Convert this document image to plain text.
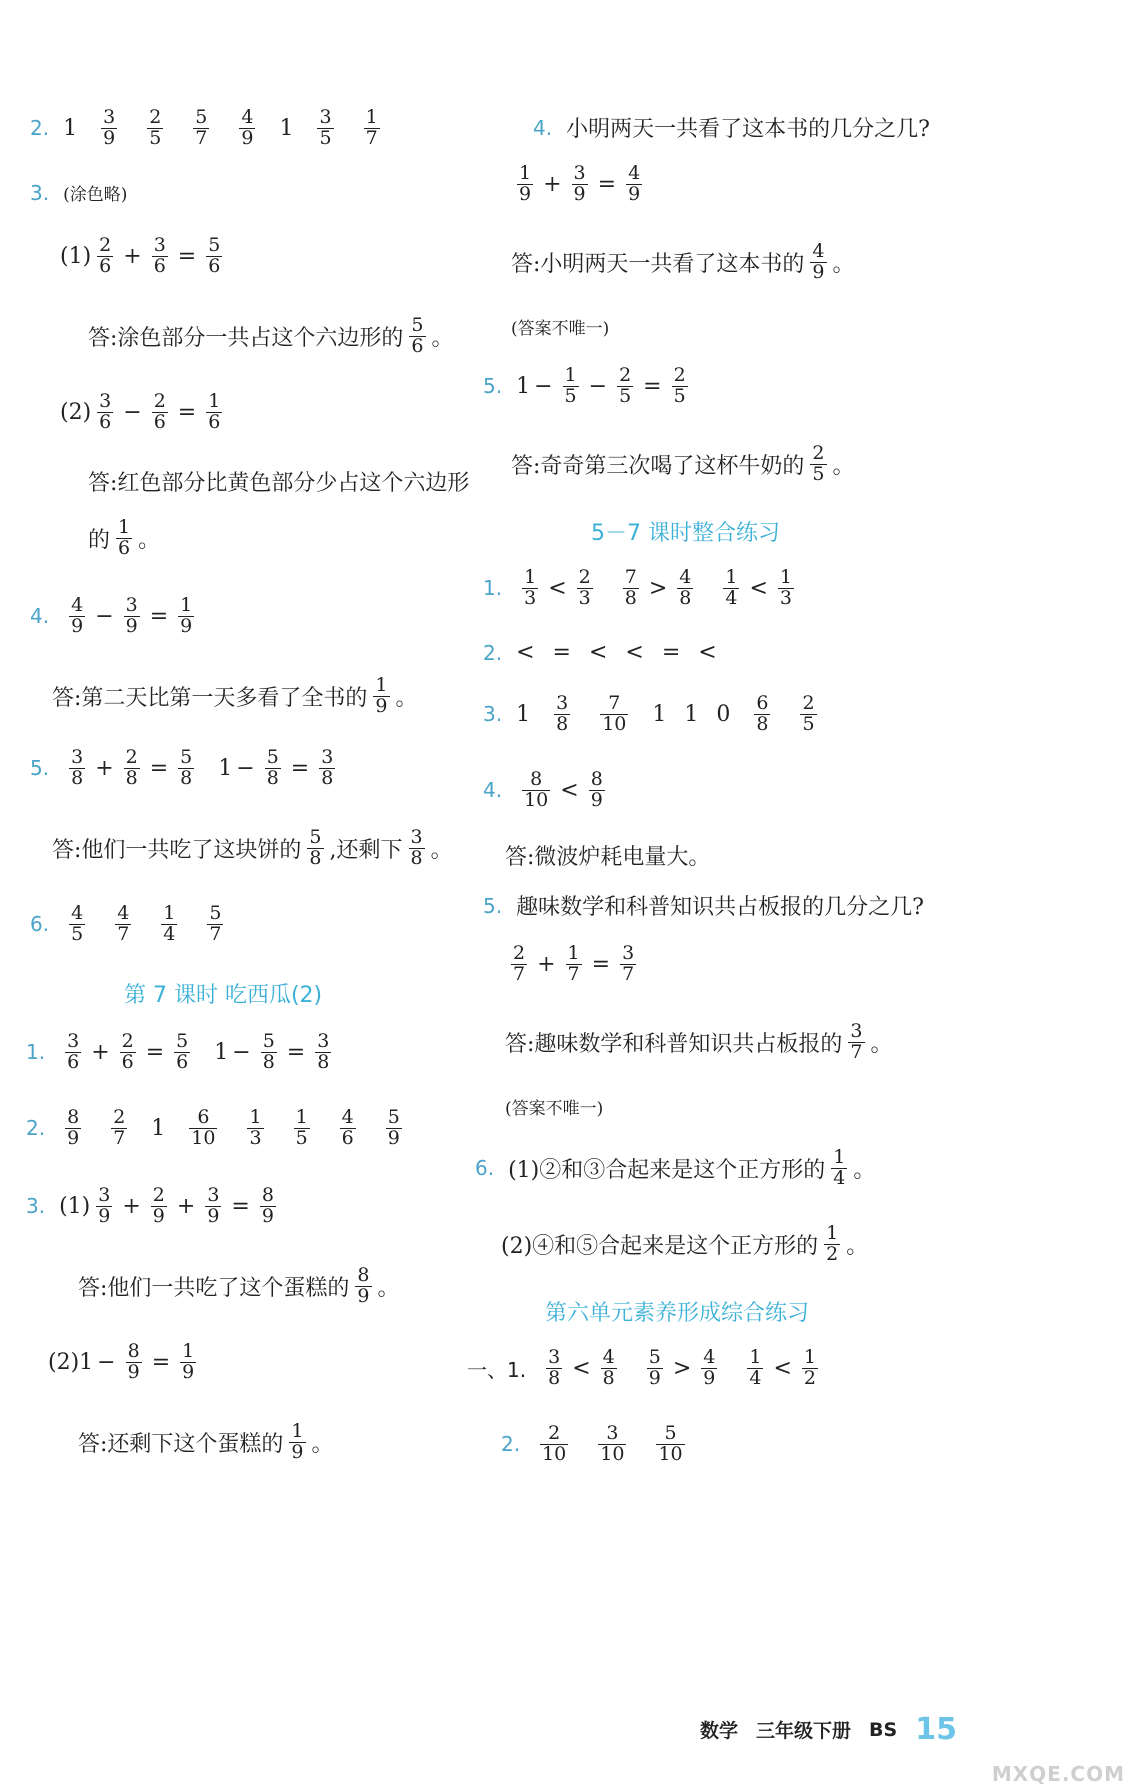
2. $1 \frac{3}{9} \frac{2}{5} \frac{5}{7} \frac{4}{9} 1 \frac{3}{5} \frac{1}{7}$
3. (涂色略)
$(1) \frac{2}{6} + \frac{3}{6} = \frac{5}{6}$
答:涂色部分一共占这个六边形的 $\frac{5}{6}$ 。
$(2) \frac{3}{6} - \frac{2}{6} = \frac{1}{6}$
答:红色部分比黄色部分少占这个六边形
的 $\frac{1}{6}$ 。
4. $\frac{4}{9} - \frac{3}{9} = \frac{1}{9}$
答:第二天比第一天多看了全书的 $\frac{1}{9}$ 。
5. $\frac{3}{8} + \frac{2}{8} = \frac{5}{8} 1 - \frac{5}{8} = \frac{3}{8}$
答:他们一共吃了这块饼的 $\frac{5}{8}$ ,还剩下 $\frac{3}{8}$ 。
6. $\frac{4}{5} \frac{4}{7} \frac{1}{4} \frac{5}{7}$
第 7 课时 吃西瓜(2)
1. $\frac{3}{6} + \frac{2}{6} = \frac{5}{6} 1 - \frac{5}{8} = \frac{3}{8}$
2. $\frac{8}{9} \frac{2}{7} 1 \frac{6}{10} \frac{1}{3} \frac{1}{5} \frac{4}{6} \frac{5}{9}$
3. $(1) \frac{3}{9} + \frac{2}{9} + \frac{3}{9} = \frac{8}{9}$
答:他们一共吃了这个蛋糕的 $\frac{8}{9}$ 。
(2) $1 - \frac{8}{9} = \frac{1}{9}$
答:还剩下这个蛋糕的 $\frac{1}{9}$ 。
4. 小明两天一共看了这本书的几分之几?
$\frac{1}{9} + \frac{3}{9} = \frac{4}{9}$
答:小明两天一共看了这本书的 $\frac{4}{9}$ 。
(答案不唯一)
5. $1 - \frac{1}{5} - \frac{2}{5} = \frac{2}{5}$
答:奇奇第三次喝了这杯牛奶的 $\frac{2}{5}$ 。
5－7 课时整合练习
1. $\frac{1}{3} < \frac{2}{3} \frac{7}{8} > \frac{4}{8} \frac{1}{4} < \frac{1}{3}$
2. < = < < = <
3. $1 \frac{3}{8} \frac{7}{10} 1$ 1 $0 \frac{6}{8} \frac{2}{5}$
4. $\frac{8}{10} < \frac{8}{9}$
答:微波炉耗电量大。
5. 趣味数学和科普知识共占板报的几分之几?
$\frac{2}{7} + \frac{1}{7} = \frac{3}{7}$
答:趣味数学和科普知识共占板报的 $\frac{3}{7}$ 。
(答案不唯一)
6. (1)②和③合起来是这个正方形的 $\frac{1}{4}$ 。
(2)④和⑤合起来是这个正方形的 $\frac{1}{2}$ 。
第六单元素养形成综合练习
一、1. $\frac{3}{8} < \frac{4}{8} \frac{5}{9} > \frac{4}{9} \frac{1}{4} < \frac{1}{2}$
2. $\frac{2}{10} \frac{3}{10} \frac{5}{10}$
数学 三年级下册 BS 15
MXQE.COM
